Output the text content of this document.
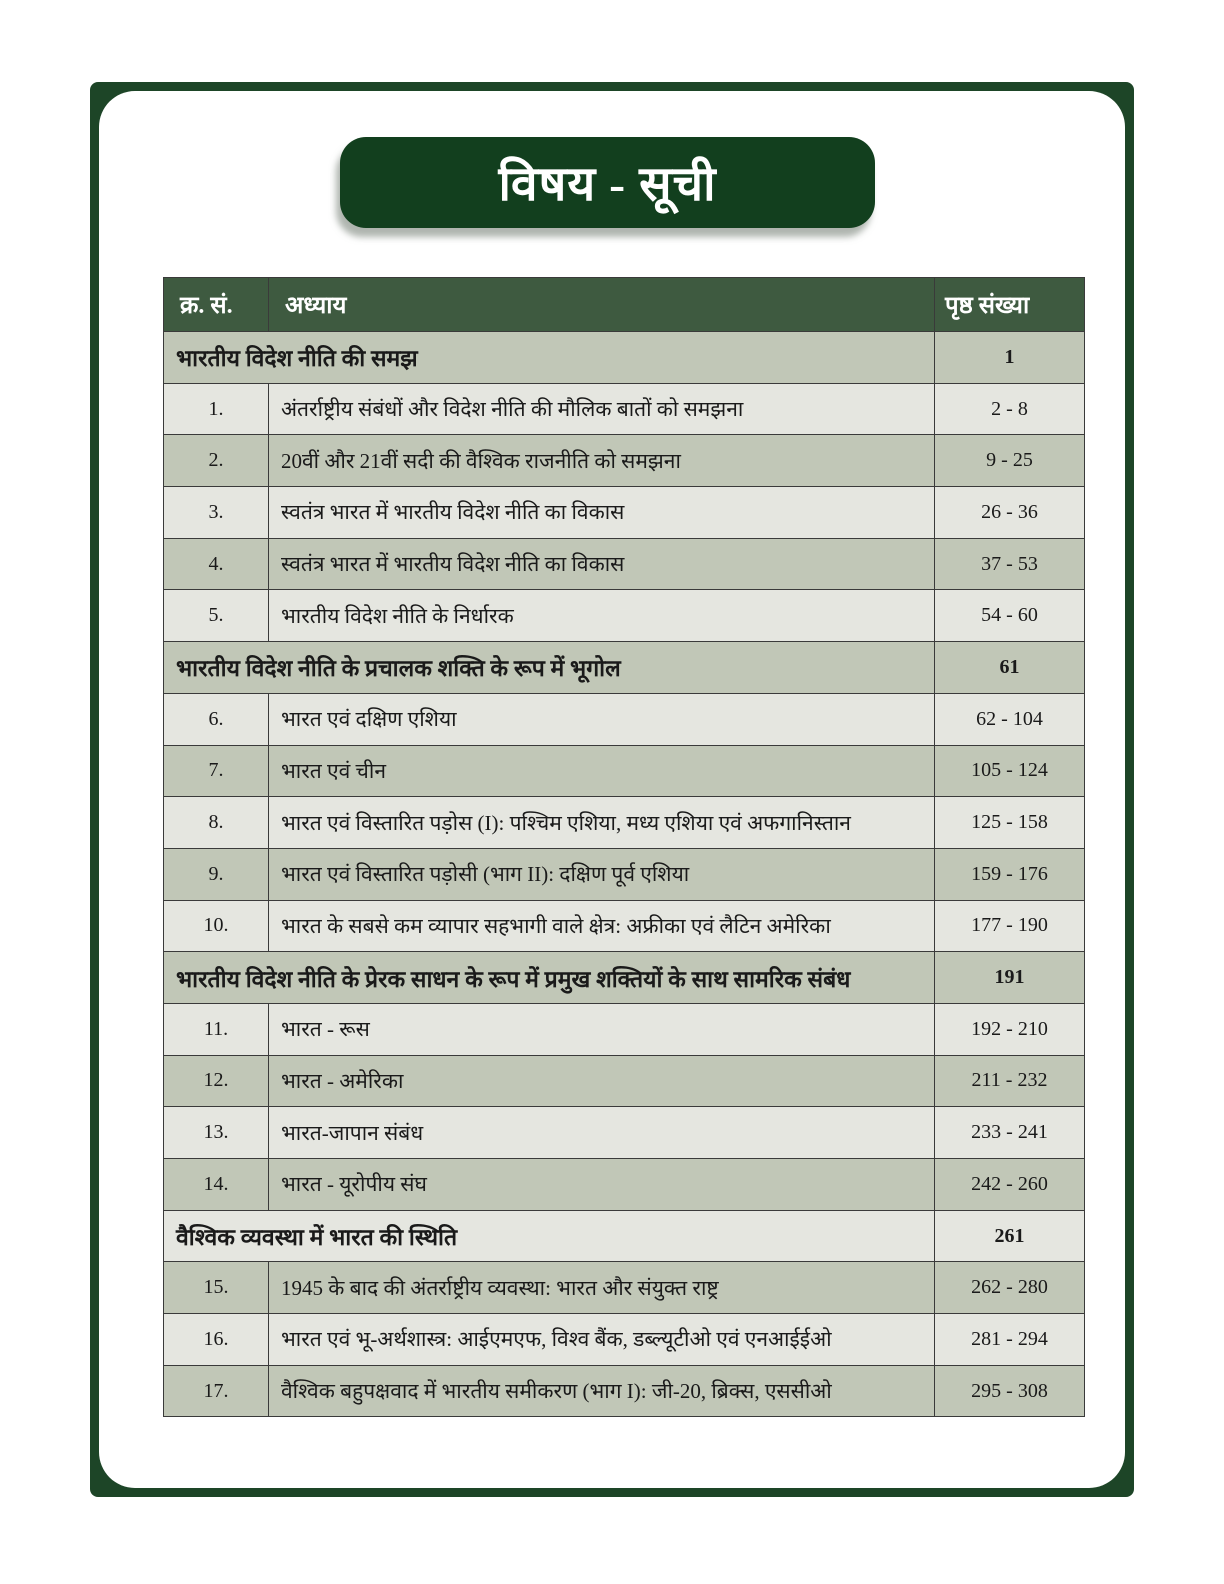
विषय - सूची
क्र. सं.	अध्याय	पृष्ठ संख्या
भारतीय विदेश नीति की समझ		1
1.	अंतर्राष्ट्रीय संबंधों और विदेश नीति की मौलिक बातों को समझना	2 - 8
2.	20वीं और 21वीं सदी की वैश्विक राजनीति को समझना	9 - 25
3.	स्वतंत्र भारत में भारतीय विदेश नीति का विकास	26 - 36
4.	स्वतंत्र भारत में भारतीय विदेश नीति का विकास	37 - 53
5.	भारतीय विदेश नीति के निर्धारक	54 - 60
भारतीय विदेश नीति के प्रचालक शक्ति के रूप में भूगोल		61
6.	भारत एवं दक्षिण एशिया	62 - 104
7.	भारत एवं चीन	105 - 124
8.	भारत एवं विस्तारित पड़ोस (I): पश्चिम एशिया, मध्य एशिया एवं अफगानिस्तान	125 - 158
9.	भारत एवं विस्तारित पड़ोसी (भाग II): दक्षिण पूर्व एशिया	159 - 176
10.	भारत के सबसे कम व्यापार सहभागी वाले क्षेत्र: अफ्रीका एवं लैटिन अमेरिका	177 - 190
भारतीय विदेश नीति के प्रेरक साधन के रूप में प्रमुख शक्तियों के साथ सामरिक संबंध		191
11.	भारत - रूस	192 - 210
12.	भारत - अमेरिका	211 - 232
13.	भारत-जापान संबंध	233 - 241
14.	भारत - यूरोपीय संघ	242 - 260
वैश्विक व्यवस्था में भारत की स्थिति		261
15.	1945 के बाद की अंतर्राष्ट्रीय व्यवस्था: भारत और संयुक्त राष्ट्र	262 - 280
16.	भारत एवं भू-अर्थशास्त्र: आईएमएफ, विश्व बैंक, डब्ल्यूटीओ एवं एनआईईओ	281 - 294
17.	वैश्विक बहुपक्षवाद में भारतीय समीकरण (भाग I): जी-20, ब्रिक्स, एससीओ	295 - 308
